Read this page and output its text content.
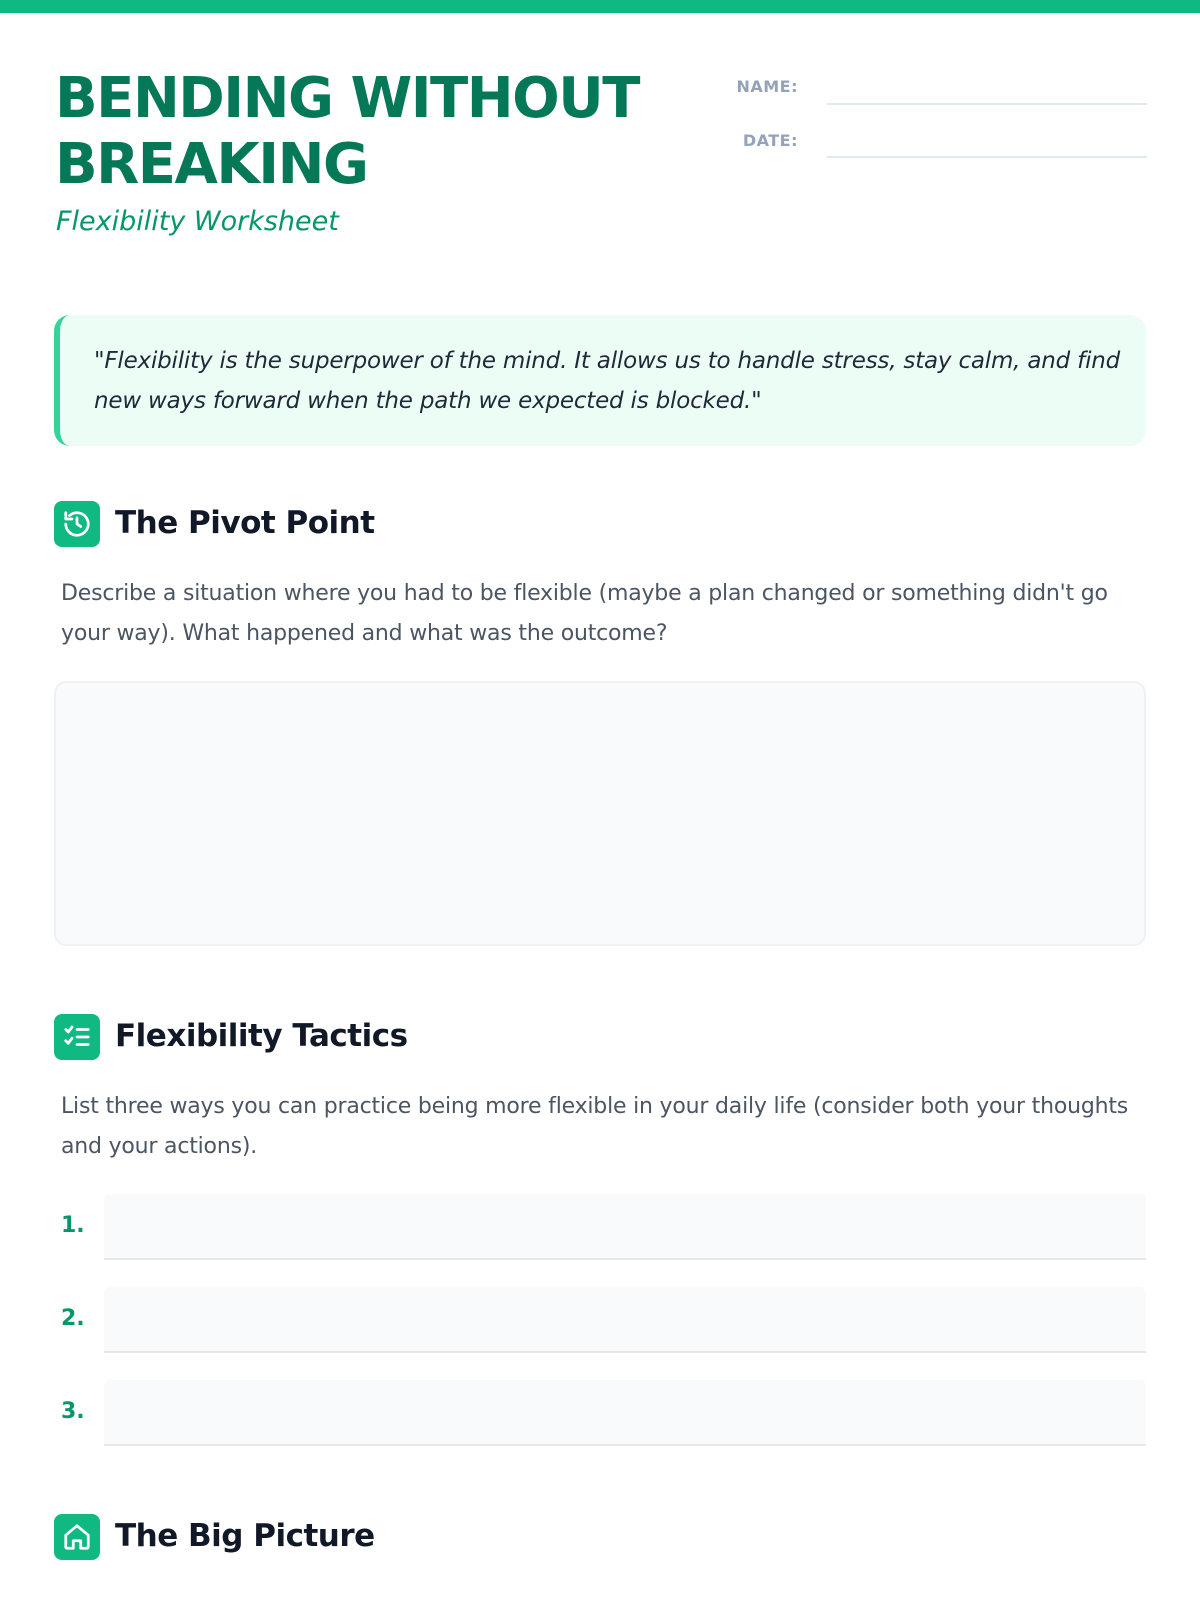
BENDING WITHOUT BREAKING

Flexibility Worksheet

NAME:
DATE:

"Flexibility is the superpower of the mind. It allows us to handle stress, stay calm, and find new ways forward when the path we expected is blocked."

The Pivot Point

Describe a situation where you had to be flexible (maybe a plan changed or something didn't go your way). What happened and what was the outcome?

Flexibility Tactics

List three ways you can practice being more flexible in your daily life (consider both your thoughts and your actions).

1.
2.
3.
The Big Picture
